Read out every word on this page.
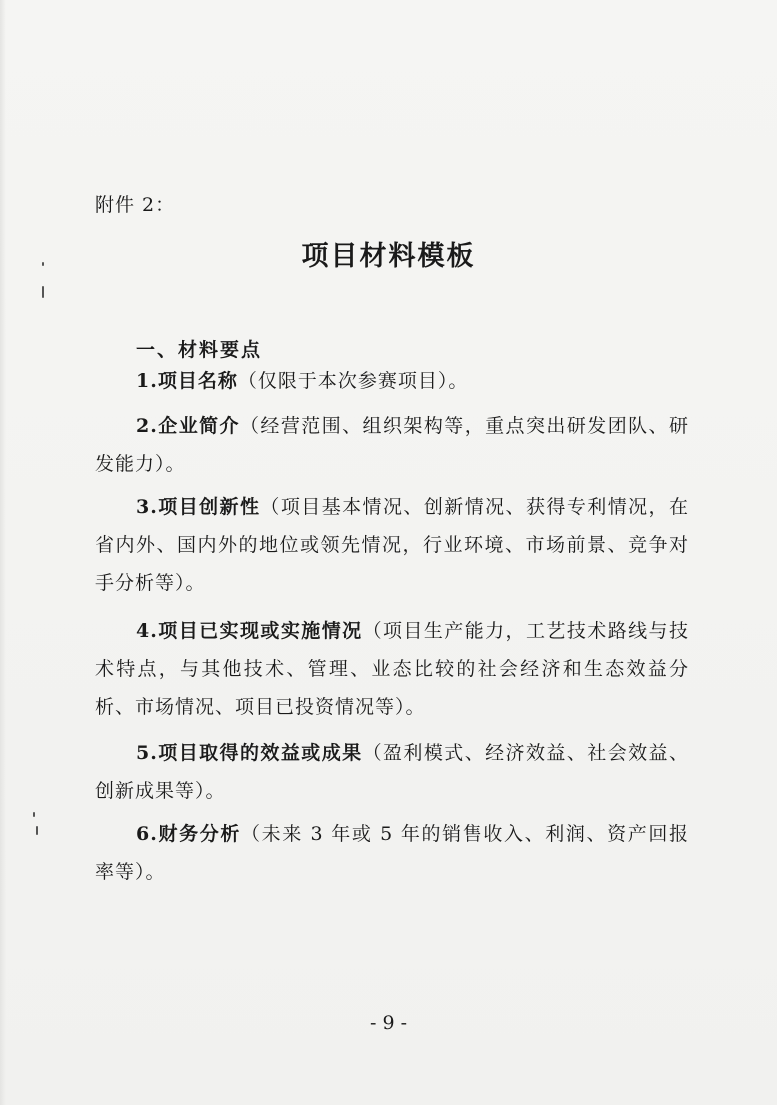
附件 2：
项目材料模板
一、材料要点

1.项目名称（仅限于本次参赛项目）。

2.企业简介（经营范围、组织架构等，重点突出研发团队、研发能力）。

3.项目创新性（项目基本情况、创新情况、获得专利情况，在省内外、国内外的地位或领先情况，行业环境、市场前景、竞争对手分析等）。

4.项目已实现或实施情况（项目生产能力，工艺技术路线与技术特点，与其他技术、管理、业态比较的社会经济和生态效益分析、市场情况、项目已投资情况等）。

5.项目取得的效益或成果（盈利模式、经济效益、社会效益、创新成果等）。

6.财务分析（未来 3 年或 5 年的销售收入、利润、资产回报率等）。

- 9 -
